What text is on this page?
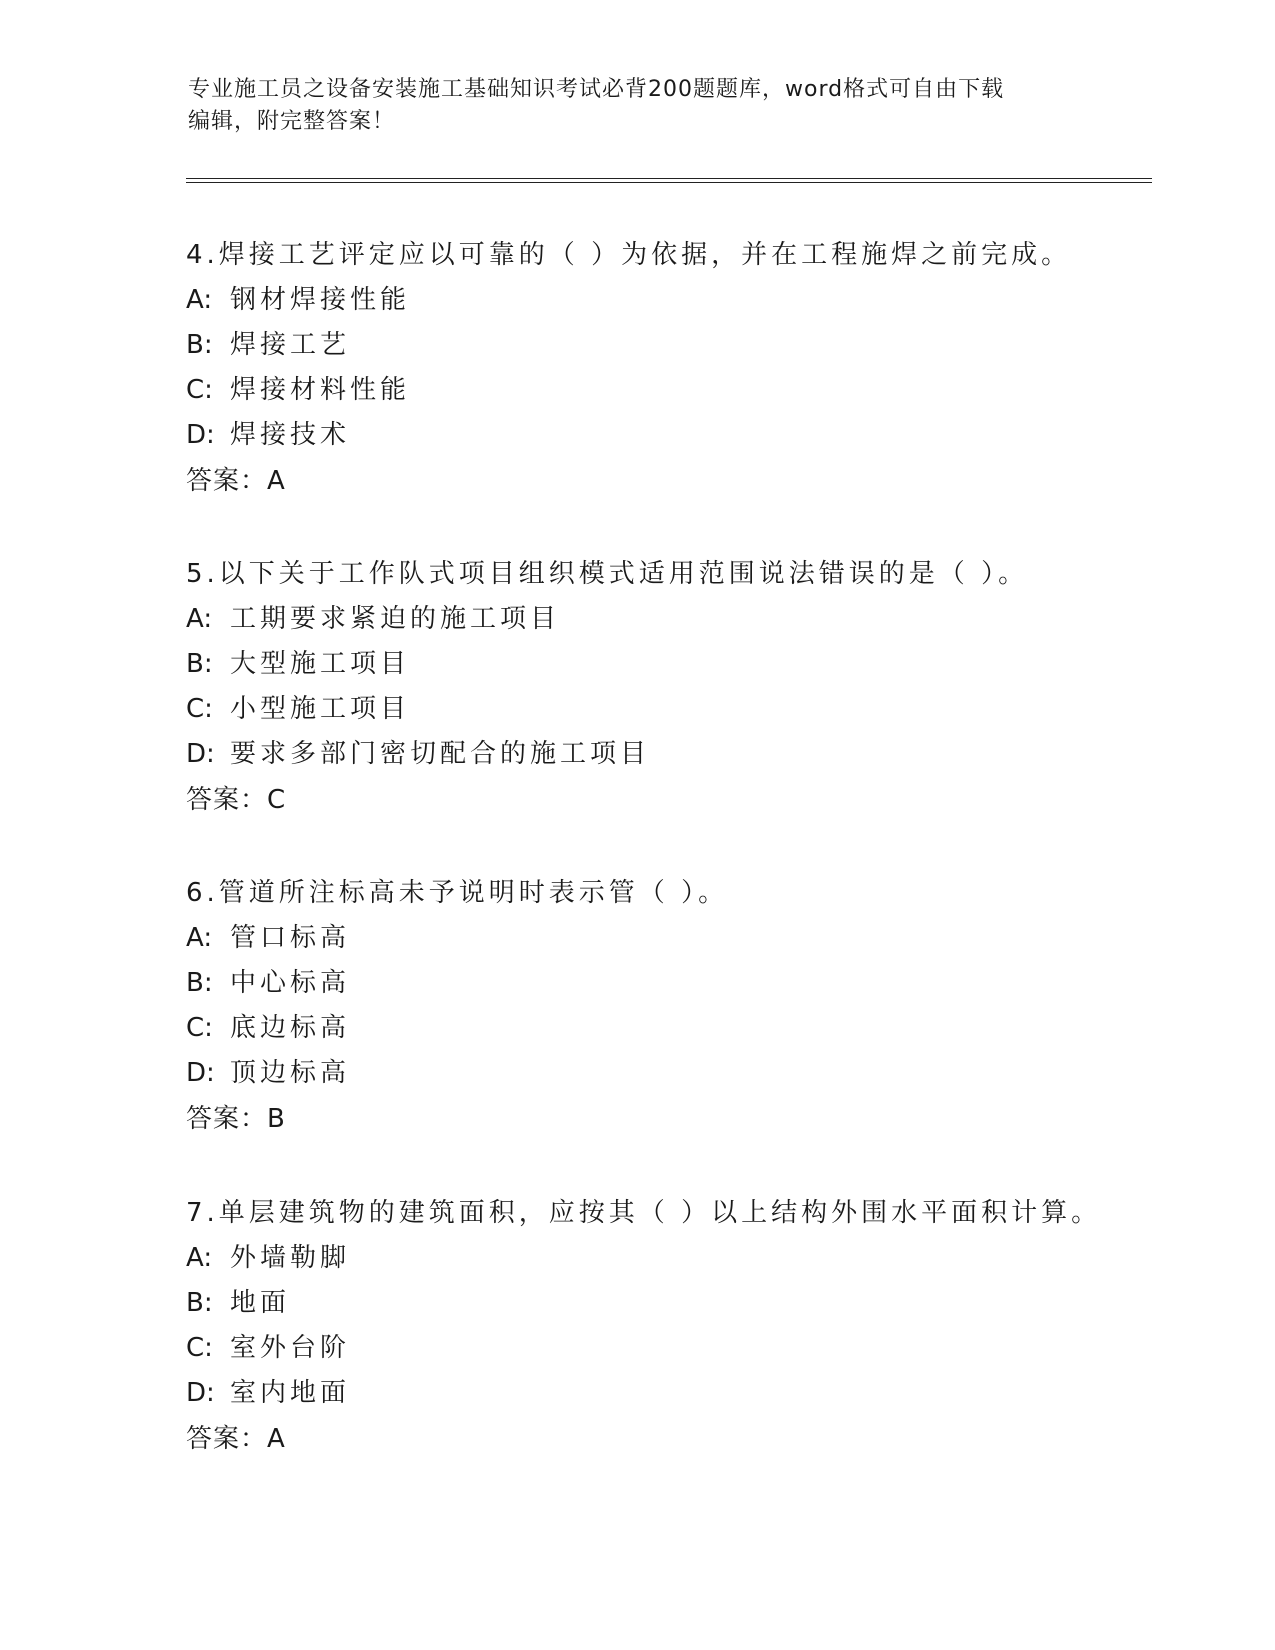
专业施工员之设备安装施工基础知识考试必背200题题库，word格式可自由下载
编辑，附完整答案！
4.焊接工艺评定应以可靠的（ ）为依据，并在工程施焊之前完成。
A: 钢材焊接性能
B: 焊接工艺
C: 焊接材料性能
D: 焊接技术
答案：A
5.以下关于工作队式项目组织模式适用范围说法错误的是（ ）。
A: 工期要求紧迫的施工项目
B: 大型施工项目
C: 小型施工项目
D: 要求多部门密切配合的施工项目
答案：C
6.管道所注标高未予说明时表示管（ ）。
A: 管口标高
B: 中心标高
C: 底边标高
D: 顶边标高
答案：B
7.单层建筑物的建筑面积，应按其（ ）以上结构外围水平面积计算。
A: 外墙勒脚
B: 地面
C: 室外台阶
D: 室内地面
答案：A
